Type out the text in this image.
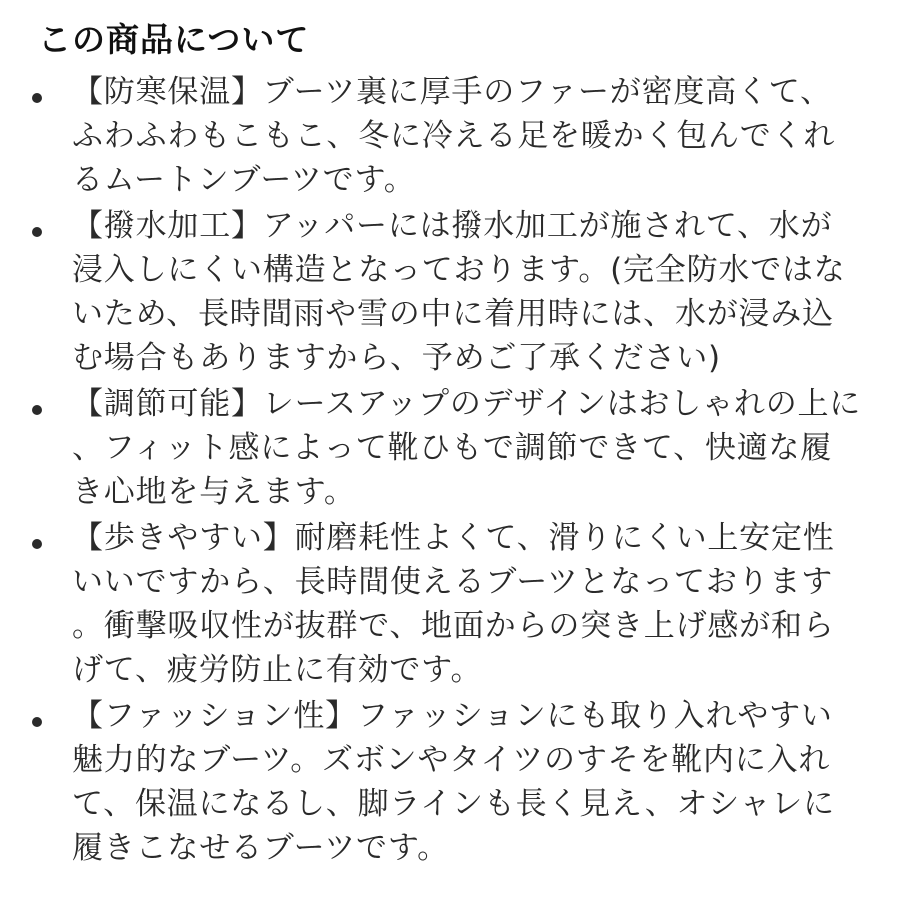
この商品について
【防寒保温】ブーツ裏に厚手のファーが密度高くて、ふわふわもこもこ、冬に冷える足を暖かく包んでくれるムートンブーツです。
【撥水加工】アッパーには撥水加工が施されて、水が浸入しにくい構造となっております。(完全防水ではないため、長時間雨や雪の中に着用時には、水が浸み込む場合もありますから、予めご了承ください)
【調節可能】レースアップのデザインはおしゃれの上に、フィット感によって靴ひもで調節できて、快適な履き心地を与えます。
【歩きやすい】耐磨耗性よくて、滑りにくい上安定性いいですから、長時間使えるブーツとなっております。衝撃吸収性が抜群で、地面からの突き上げ感が和らげて、疲労防止に有効です。
【ファッション性】ファッションにも取り入れやすい魅力的なブーツ。ズボンやタイツのすそを靴内に入れて、保温になるし、脚ラインも長く見え、オシャレに履きこなせるブーツです。
